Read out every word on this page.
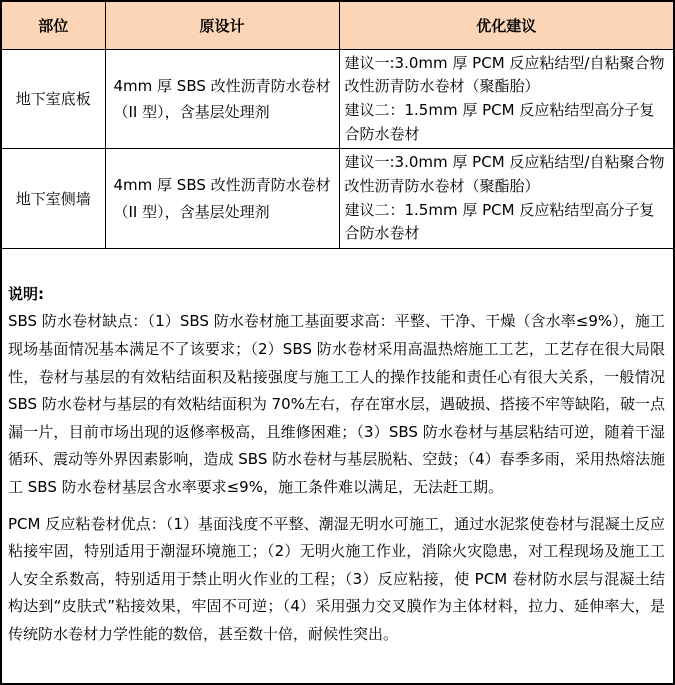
部位	原设计	优化建议
地下室底板	4mm 厚 SBS 改性沥青防水卷材（II 型），含基层处理剂	建议一:3.0mm 厚 PCM 反应粘结型/自粘聚合物改性沥青防水卷材（聚酯胎）
建议二：1.5mm 厚 PCM 反应粘结型高分子复合防水卷材

地下室侧墙	4mm 厚 SBS 改性沥青防水卷材（II 型），含基层处理剂	建议一:3.0mm 厚 PCM 反应粘结型/自粘聚合物改性沥青防水卷材（聚酯胎）
建议二：1.5mm 厚 PCM 反应粘结型高分子复合防水卷材

说明:
SBS 防水卷材缺点：（1）SBS 防水卷材施工基面要求高：平整、干净、干燥（含水率≤9%），施工现场基面情况基本满足不了该要求；（2）SBS 防水卷材采用高温热熔施工工艺，工艺存在很大局限性，卷材与基层的有效粘结面积及粘接强度与施工工人的操作技能和责任心有很大关系，一般情况 SBS 防水卷材与基层的有效粘结面积为 70%左右，存在窜水层，遇破损、搭接不牢等缺陷，破一点漏一片，目前市场出现的返修率极高，且维修困难；（3）SBS 防水卷材与基层粘结可逆，随着干湿循环、震动等外界因素影响，造成 SBS 防水卷材与基层脱粘、空鼓；（4）春季多雨，采用热熔法施工 SBS 防水卷材基层含水率要求≤9%，施工条件难以满足，无法赶工期。
PCM 反应粘卷材优点：（1）基面浅度不平整、潮湿无明水可施工，通过水泥浆使卷材与混凝土反应粘接牢固，特别适用于潮湿环境施工；（2）无明火施工作业，消除火灾隐患，对工程现场及施工工人安全系数高，特别适用于禁止明火作业的工程；（3）反应粘接，使 PCM 卷材防水层与混凝土结构达到“皮肤式”粘接效果，牢固不可逆；（4）采用强力交叉膜作为主体材料，拉力、延伸率大，是传统防水卷材力学性能的数倍，甚至数十倍，耐候性突出。		
